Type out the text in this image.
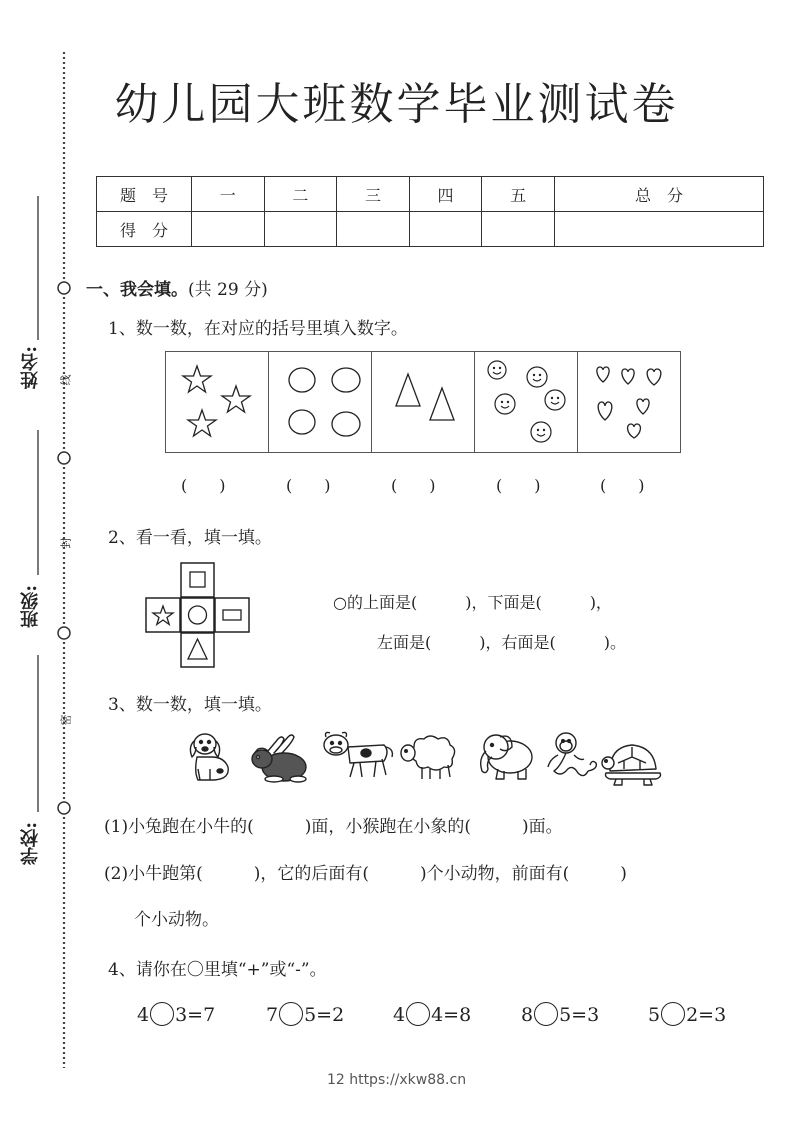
姓名:
班级:
学校:
线
封
密
幼儿园大班数学毕业测试卷
题　号	一	二	三	四	五	总　分
得　分						
一、我会填。(共 29 分)
1、数一数，在对应的括号里填入数字。
(　　)	(　　)	(　　)	(　　)	(　　)
2、看一看，填一填。
○的上面是(　　　)，下面是(　　　)，
左面是(　　　)，右面是(　　　)。
3、数一数，填一填。
(1)小兔跑在小牛的(　　　)面，小猴跑在小象的(　　　)面。
(2)小牛跑第(　　　)，它的后面有(　　　)个小动物，前面有(　　　)
个小动物。
4、请你在〇里填“+”或“-”。
4 3=7	7 5=2	4 4=8	8 5=3	5 2=3
12 https://xkw88.cn
